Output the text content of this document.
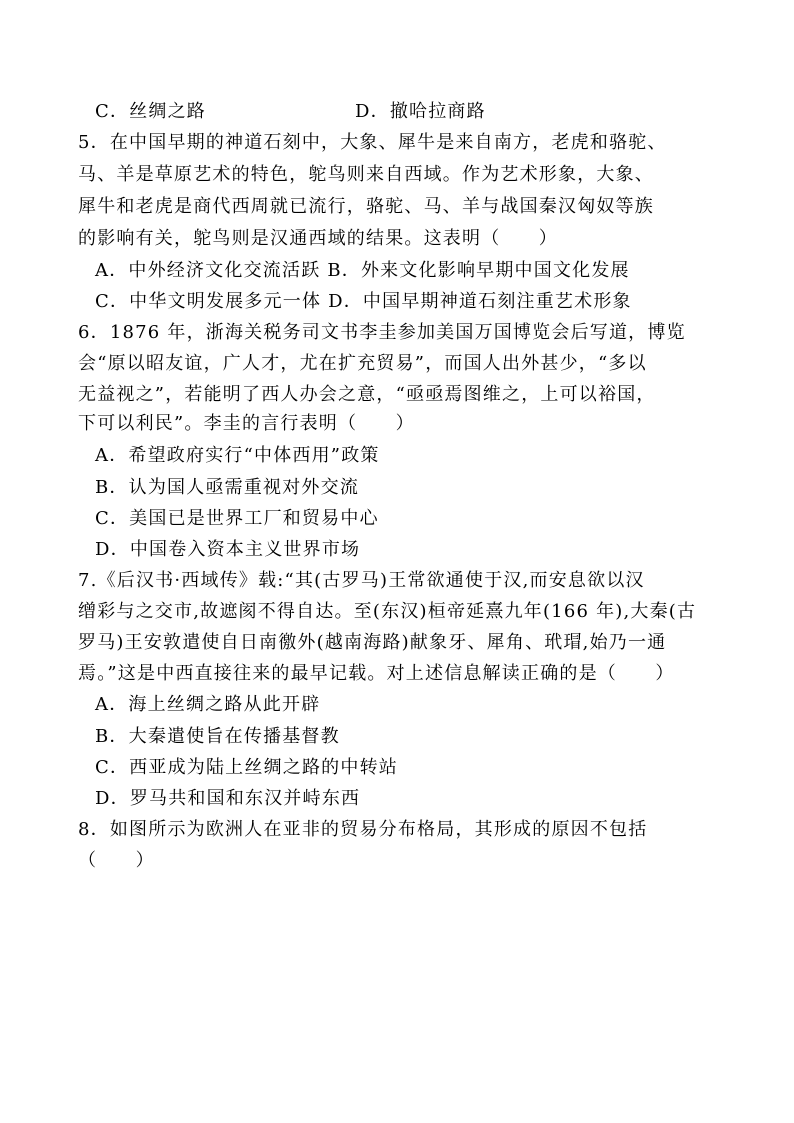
C．丝绸之路	D．撤哈拉商路
5．在中国早期的神道石刻中，大象、犀牛是来自南方，老虎和骆驼、
马、羊是草原艺术的特色，鸵鸟则来自西域。作为艺术形象，大象、
犀牛和老虎是商代西周就已流行，骆驼、马、羊与战国秦汉匈奴等族
的影响有关，鸵鸟则是汉通西域的结果。这表明（　　）
A．中外经济文化交流活跃 B．外来文化影响早期中国文化发展
C．中华文明发展多元一体 D．中国早期神道石刻注重艺术形象
6．1876 年，浙海关税务司文书李圭参加美国万国博览会后写道，博览
会“原以昭友谊，广人才，尤在扩充贸易”，而国人出外甚少，“多以
无益视之”，若能明了西人办会之意，“亟亟焉图维之，上可以裕国，
下可以利民”。李圭的言行表明（　　）
A．希望政府实行“中体西用”政策
B．认为国人亟需重视对外交流
C．美国已是世界工厂和贸易中心
D．中国卷入资本主义世界市场
7.《后汉书·西域传》载:“其(古罗马)王常欲通使于汉,而安息欲以汉
缯彩与之交市,故遮阂不得自达。至(东汉)桓帝延熹九年(166 年),大秦(古
罗马)王安敦遣使自日南徼外(越南海路)献象牙、犀角、玳瑁,始乃一通
焉。”这是中西直接往来的最早记载。对上述信息解读正确的是（　　）
A．海上丝绸之路从此开辟
B．大秦遣使旨在传播基督教
C．西亚成为陆上丝绸之路的中转站
D．罗马共和国和东汉并峙东西
8．如图所示为欧洲人在亚非的贸易分布格局，其形成的原因不包括
（　　）
